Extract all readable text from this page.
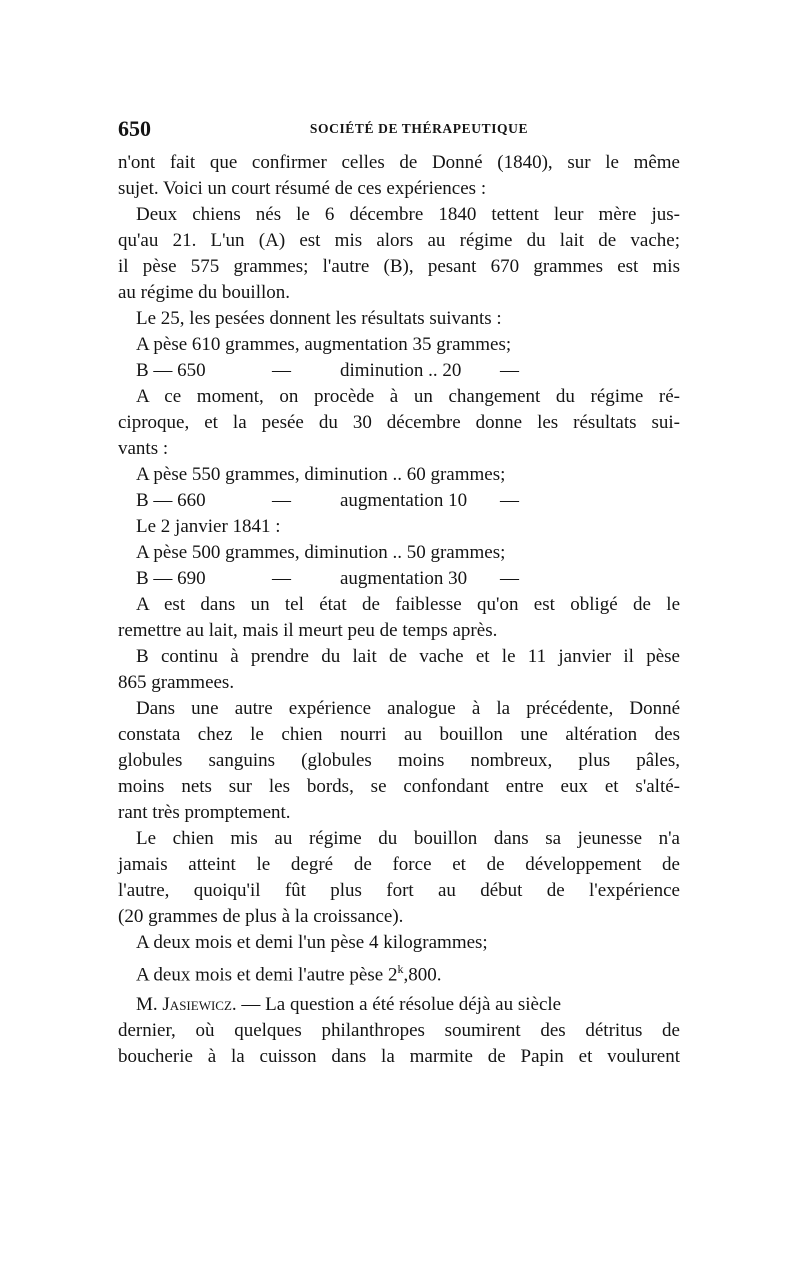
650	SOCIÉTÉ DE THÉRAPEUTIQUE
n'ont fait que confirmer celles de Donné (1840), sur le même
sujet. Voici un court résumé de ces expériences :
Deux chiens nés le 6 décembre 1840 tettent leur mère jus-
qu'au 21. L'un (A) est mis alors au régime du lait de vache;
il pèse 575 grammes; l'autre (B), pesant 670 grammes est mis
au régime du bouillon.
Le 25, les pesées donnent les résultats suivants :
A pèse 610 grammes, augmentation 35 grammes;
B — 650	—	diminution .. 20 —
A ce moment, on procède à un changement du régime ré-
ciproque, et la pesée du 30 décembre donne les résultats sui-
vants :
A pèse 550 grammes, diminution .. 60 grammes;
B — 660	—	augmentation 10 —
Le 2 janvier 1841 :
A pèse 500 grammes, diminution .. 50 grammes;
B — 690	—	augmentation 30 —
A est dans un tel état de faiblesse qu'on est obligé de le
remettre au lait, mais il meurt peu de temps après.
B continu à prendre du lait de vache et le 11 janvier il pèse
865 grammees.
Dans une autre expérience analogue à la précédente, Donné
constata chez le chien nourri au bouillon une altération des
globules sanguins (globules moins nombreux, plus pâles,
moins nets sur les bords, se confondant entre eux et s'alté-
rant très promptement.
Le chien mis au régime du bouillon dans sa jeunesse n'a
jamais atteint le degré de force et de développement de
l'autre, quoiqu'il fût plus fort au début de l'expérience
(20 grammes de plus à la croissance).
A deux mois et demi l'un pèse 4 kilogrammes;
A deux mois et demi l'autre pèse 2$^k$,800.
M. Jasiewicz. — La question a été résolue déjà au siècle
dernier, où quelques philanthropes soumirent des détritus de
boucherie à la cuisson dans la marmite de Papin et voulurent
